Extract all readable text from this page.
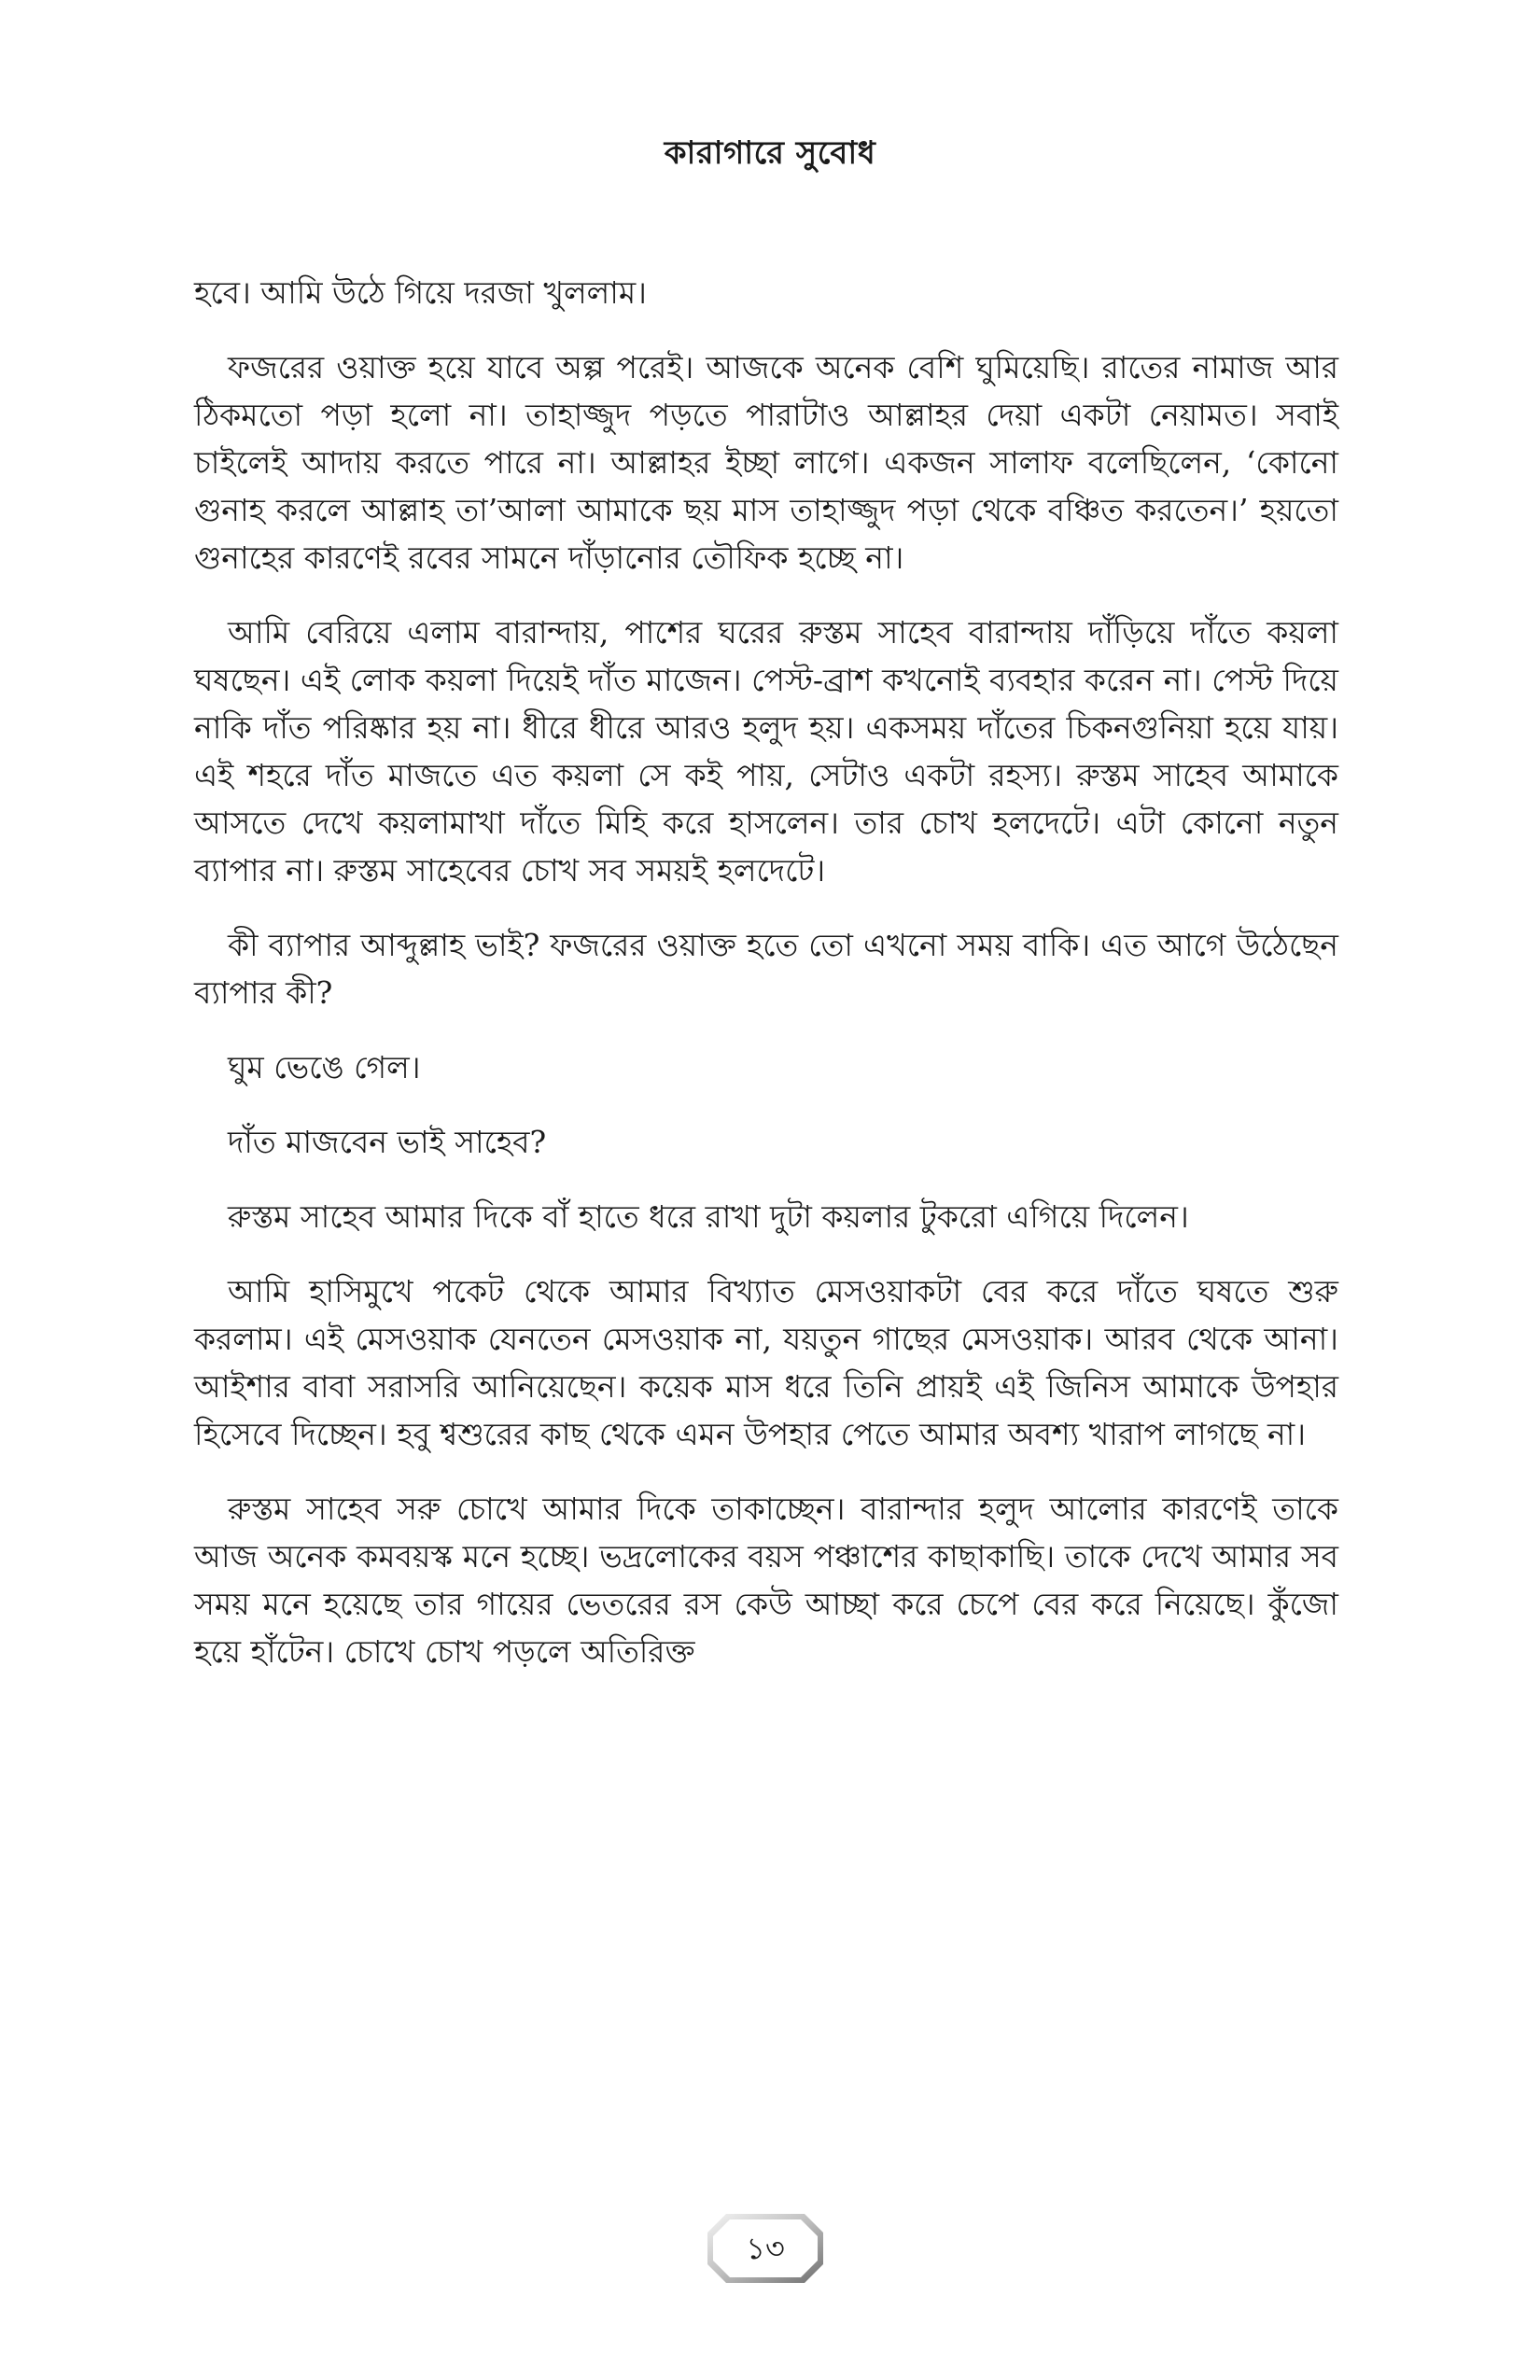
কারাগারে সুবোধ

হবে। আমি উঠে গিয়ে দরজা খুললাম।

ফজরের ওয়াক্ত হয়ে যাবে অল্প পরেই। আজকে অনেক বেশি ঘুমিয়েছি। রাতের নামাজ আর ঠিকমতো পড়া হলো না। তাহাজ্জুদ পড়তে পারাটাও আল্লাহর দেয়া একটা নেয়ামত। সবাই চাইলেই আদায় করতে পারে না। আল্লাহর ইচ্ছা লাগে। একজন সালাফ বলেছিলেন, ‘কোনো গুনাহ করলে আল্লাহ তা’আলা আমাকে ছয় মাস তাহাজ্জুদ পড়া থেকে বঞ্চিত করতেন।’ হয়তো গুনাহের কারণেই রবের সামনে দাঁড়ানোর তৌফিক হচ্ছে না।

আমি বেরিয়ে এলাম বারান্দায়, পাশের ঘরের রুস্তম সাহেব বারান্দায় দাঁড়িয়ে দাঁতে কয়লা ঘষছেন। এই লোক কয়লা দিয়েই দাঁত মাজেন। পেস্ট-ব্রাশ কখনোই ব্যবহার করেন না। পেস্ট দিয়ে নাকি দাঁত পরিষ্কার হয় না। ধীরে ধীরে আরও হলুদ হয়। একসময় দাঁতের চিকনগুনিয়া হয়ে যায়। এই শহরে দাঁত মাজতে এত কয়লা সে কই পায়, সেটাও একটা রহস্য। রুস্তম সাহেব আমাকে আসতে দেখে কয়লামাখা দাঁতে মিহি করে হাসলেন। তার চোখ হলদেটে। এটা কোনো নতুন ব্যাপার না। রুস্তম সাহেবের চোখ সব সময়ই হলদেটে।

কী ব্যাপার আব্দুল্লাহ ভাই? ফজরের ওয়াক্ত হতে তো এখনো সময় বাকি। এত আগে উঠেছেন ব্যাপার কী?

ঘুম ভেঙে গেল।

দাঁত মাজবেন ভাই সাহেব?

রুস্তম সাহেব আমার দিকে বাঁ হাতে ধরে রাখা দুটা কয়লার টুকরো এগিয়ে দিলেন।

আমি হাসিমুখে পকেট থেকে আমার বিখ্যাত মেসওয়াকটা বের করে দাঁতে ঘষতে শুরু করলাম। এই মেসওয়াক যেনতেন মেসওয়াক না, যয়তুন গাছের মেসওয়াক। আরব থেকে আনা। আইশার বাবা সরাসরি আনিয়েছেন। কয়েক মাস ধরে তিনি প্রায়ই এই জিনিস আমাকে উপহার হিসেবে দিচ্ছেন। হবু শ্বশুরের কাছ থেকে এমন উপহার পেতে আমার অবশ্য খারাপ লাগছে না।

রুস্তম সাহেব সরু চোখে আমার দিকে তাকাচ্ছেন। বারান্দার হলুদ আলোর কারণেই তাকে আজ অনেক কমবয়স্ক মনে হচ্ছে। ভদ্রলোকের বয়স পঞ্চাশের কাছাকাছি। তাকে দেখে আমার সব সময় মনে হয়েছে তার গায়ের ভেতরের রস কেউ আচ্ছা করে চেপে বের করে নিয়েছে। কুঁজো হয়ে হাঁটেন। চোখে চোখ পড়লে অতিরিক্ত

১৩
